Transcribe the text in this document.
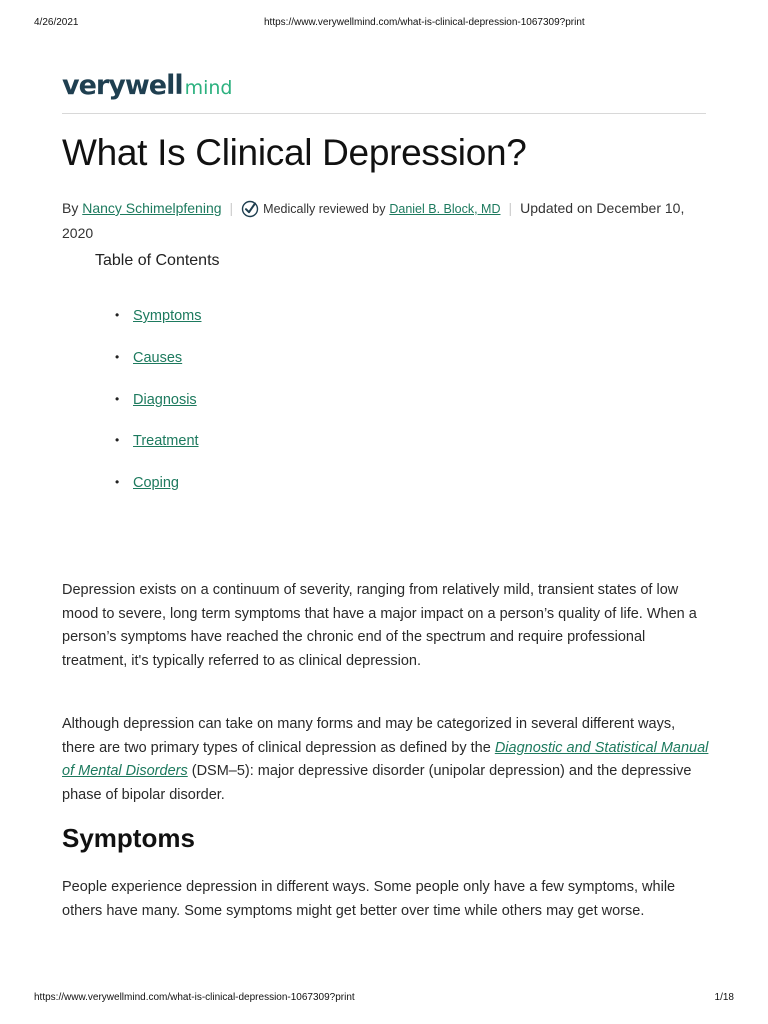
4/26/2021	https://www.verywellmind.com/what-is-clinical-depression-1067309?print
verywell mind
What Is Clinical Depression?
By Nancy Schimelpfening | Medically reviewed by Daniel B. Block, MD | Updated on December 10, 2020
Table of Contents
• Symptoms
• Causes
• Diagnosis
• Treatment
• Coping

Depression exists on a continuum of severity, ranging from relatively mild, transient states of low mood to severe, long term symptoms that have a major impact on a person’s quality of life. When a person’s symptoms have reached the chronic end of the spectrum and require professional treatment, it's typically referred to as clinical depression.

Although depression can take on many forms and may be categorized in several different ways, there are two primary types of clinical depression as defined by the Diagnostic and Statistical Manual of Mental Disorders (DSM–5): major depressive disorder (unipolar depression) and the depressive phase of bipolar disorder.

Symptoms

People experience depression in different ways. Some people only have a few symptoms, while others have many. Some symptoms might get better over time while others may get worse.

https://www.verywellmind.com/what-is-clinical-depression-1067309?print	1/18
